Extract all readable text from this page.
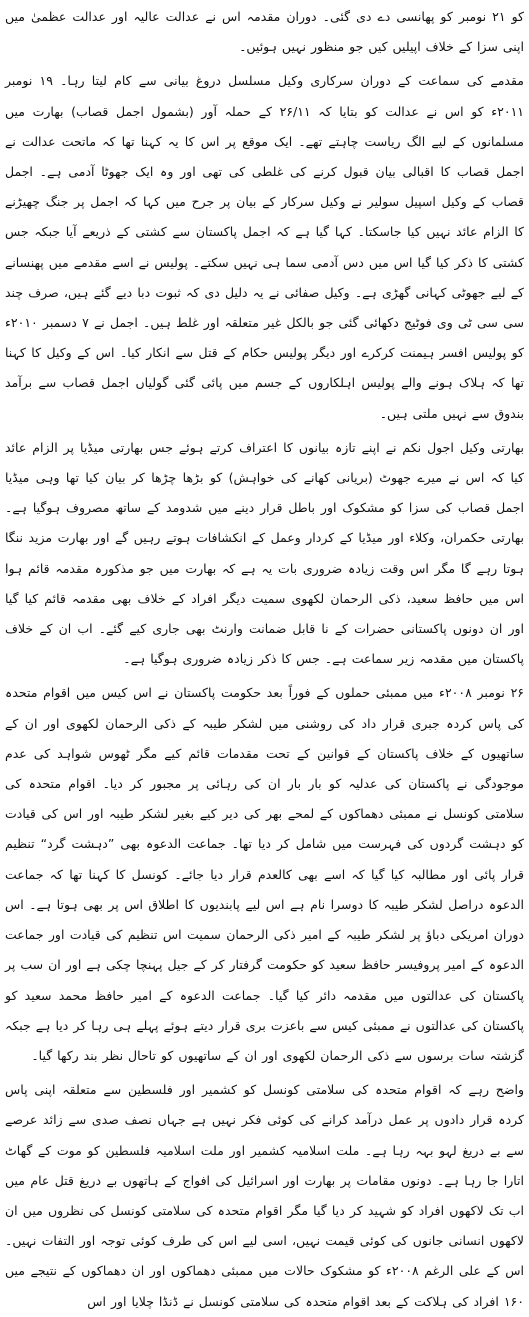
کو ۲۱ نومبر کو پھانسی دے دی گئی۔ دوران مقدمہ اس نے عدالت عالیہ اور عدالت عظمیٰ میں اپنی سزا کے خلاف اپیلیں کیں جو منظور نہیں ہوئیں۔

مقدمے کی سماعت کے دوران سرکاری وکیل مسلسل دروغ بیانی سے کام لیتا رہا۔ ۱۹ نومبر ۲۰۱۱ء کو اس نے عدالت کو بتایا کہ ۲۶/۱۱ کے حملہ آور (بشمول اجمل قصاب) بھارت میں مسلمانوں کے لیے الگ ریاست چاہتے تھے۔ ایک موقع پر اس کا یہ کہنا تھا کہ ماتحت عدالت نے اجمل قصاب کا اقبالی بیان قبول کرنے کی غلطی کی تھی اور وہ ایک جھوٹا آدمی ہے۔ اجمل قصاب کے وکیل اسپیل سولیر نے وکیل سرکار کے بیان پر جرح میں کہا کہ اجمل پر جنگ چھیڑنے کا الزام عائد نہیں کیا جاسکتا۔ کہا گیا ہے کہ اجمل پاکستان سے کشتی کے ذریعے آیا جبکہ جس کشتی کا ذکر کیا گیا اس میں دس آدمی سما ہی نہیں سکتے۔ پولیس نے اسے مقدمے میں پھنسانے کے لیے جھوٹی کہانی گھڑی ہے۔ وکیل صفائی نے یہ دلیل دی کہ ثبوت دبا دیے گئے ہیں، صرف چند سی سی ٹی وی فوٹیج دکھائی گئی جو بالکل غیر متعلقہ اور غلط ہیں۔ اجمل نے ۷ دسمبر ۲۰۱۰ء کو پولیس افسر ہیمنت کرکرے اور دیگر پولیس حکام کے قتل سے انکار کیا۔ اس کے وکیل کا کہنا تھا کہ ہلاک ہونے والے پولیس اہلکاروں کے جسم میں پائی گئی گولیاں اجمل قصاب سے برآمد بندوق سے نہیں ملتی ہیں۔

بھارتی وکیل اجول نکم نے اپنے تازہ بیانوں کا اعتراف کرتے ہوئے جس بھارتی میڈیا پر الزام عائد کیا کہ اس نے میرے جھوٹ (بریانی کھانے کی خواہش) کو بڑھا چڑھا کر بیان کیا تھا وہی میڈیا اجمل قصاب کی سزا کو مشکوک اور باطل قرار دینے میں شدومد کے ساتھ مصروف ہوگیا ہے۔ بھارتی حکمران، وکلاء اور میڈیا کے کردار وعمل کے انکشافات ہوتے رہیں گے اور بھارت مزید ننگا ہوتا رہے گا مگر اس وقت زیادہ ضروری بات یہ ہے کہ بھارت میں جو مذکورہ مقدمہ قائم ہوا اس میں حافظ سعید، ذکی الرحمان لکھوی سمیت دیگر افراد کے خلاف بھی مقدمہ قائم کیا گیا اور ان دونوں پاکستانی حضرات کے نا قابل ضمانت وارنٹ بھی جاری کیے گئے۔ اب ان کے خلاف پاکستان میں مقدمہ زیر سماعت ہے۔ جس کا ذکر زیادہ ضروری ہوگیا ہے۔

۲۶ نومبر ۲۰۰۸ء میں ممبئی حملوں کے فوراً بعد حکومت پاکستان نے اس کیس میں اقوام متحدہ کی پاس کردہ جبری قرار داد کی روشنی میں لشکر طیبہ کے ذکی الرحمان لکھوی اور ان کے ساتھیوں کے خلاف پاکستان کے قوانین کے تحت مقدمات قائم کیے مگر ٹھوس شواہد کی عدم موجودگی نے پاکستان کی عدلیہ کو بار بار ان کی رہائی پر مجبور کر دیا۔ اقوام متحدہ کی سلامتی کونسل نے ممبئی دھماکوں کے لمحے بھر کی دیر کیے بغیر لشکر طیبہ اور اس کی قیادت کو دہشت گردوں کی فہرست میں شامل کر دیا تھا۔ جماعت الدعوہ بھی ”دہشت گرد“ تنظیم قرار پائی اور مطالبہ کیا گیا کہ اسے بھی کالعدم قرار دیا جائے۔ کونسل کا کہنا تھا کہ جماعت الدعوہ دراصل لشکر طیبہ کا دوسرا نام ہے اس لیے پابندیوں کا اطلاق اس پر بھی ہوتا ہے۔ اس دوران امریکی دباؤ پر لشکر طیبہ کے امیر ذکی الرحمان سمیت اس تنظیم کی قیادت اور جماعت الدعوہ کے امیر پروفیسر حافظ سعید کو حکومت گرفتار کر کے جیل پہنچا چکی ہے اور ان سب پر پاکستان کی عدالتوں میں مقدمہ دائر کیا گیا۔ جماعت الدعوہ کے امیر حافظ محمد سعید کو پاکستان کی عدالتوں نے ممبئی کیس سے باعزت بری قرار دیتے ہوئے پہلے ہی رہا کر دیا ہے جبکہ گزشتہ سات برسوں سے ذکی الرحمان لکھوی اور ان کے ساتھیوں کو تاحال نظر بند رکھا گیا۔

واضح رہے کہ اقوام متحدہ کی سلامتی کونسل کو کشمیر اور فلسطین سے متعلقہ اپنی پاس کردہ قرار دادوں پر عمل درآمد کرانے کی کوئی فکر نہیں ہے جہاں نصف صدی سے زائد عرصے سے بے دریغ لہو بہہ رہا ہے۔ ملت اسلامیہ کشمیر اور ملت اسلامیہ فلسطین کو موت کے گھاٹ اتارا جا رہا ہے۔ دونوں مقامات پر بھارت اور اسرائیل کی افواج کے ہاتھوں بے دریغ قتل عام میں اب تک لاکھوں افراد کو شہید کر دیا گیا مگر اقوام متحدہ کی سلامتی کونسل کی نظروں میں ان لاکھوں انسانی جانوں کی کوئی قیمت نہیں، اسی لیے اس کی طرف کوئی توجہ اور التفات نہیں۔ اس کے علی الرغم ۲۰۰۸ء کو مشکوک حالات میں ممبئی دھماکوں اور ان دھماکوں کے نتیجے میں ۱۶۰ افراد کی ہلاکت کے بعد اقوام متحدہ کی سلامتی کونسل نے ڈنڈا چلایا اور اس
